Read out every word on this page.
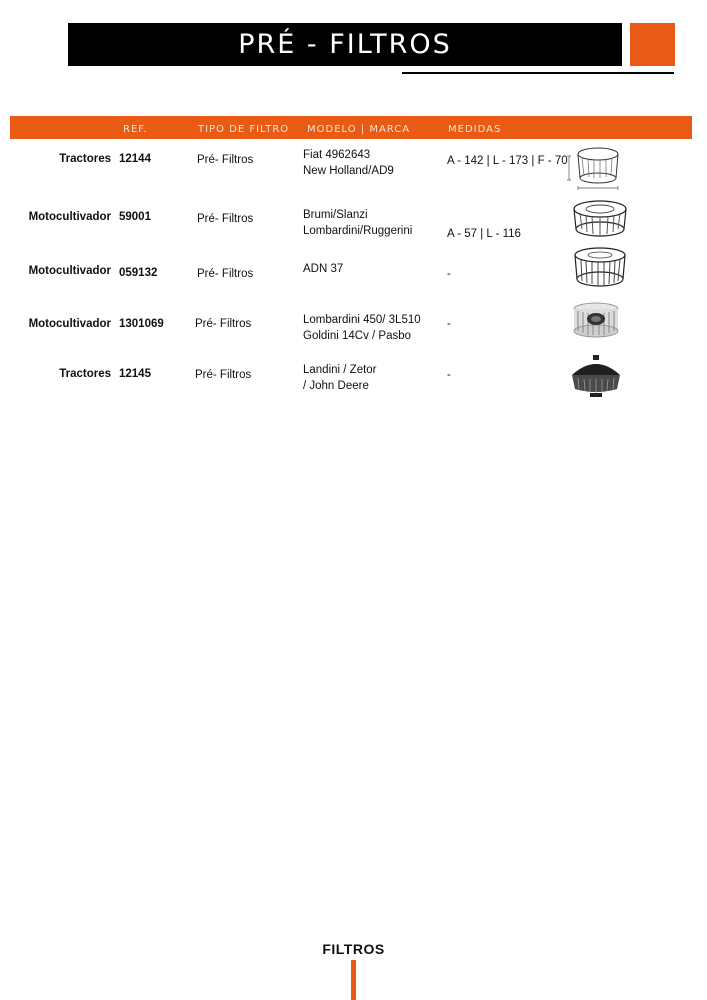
PRÉ - FILTROS
REF.	TIPO DE FILTRO MODELO | MARCA	MEDIDAS
Tractores 12144	Pré- Filtros	Fiat 4962643
New Holland/AD9
A - 142 | L - 173 | F - 70
Motocultivador 59001	Pré- Filtros	Brumi/Slanzi
Lombardini/Ruggerini	A - 57 | L - 116
Motocultivador 059132	Pré- Filtros	ADN 37	-
Motocultivador 1301069	Pré- Filtros	Lombardini 450/ 3L510
Goldini 14Cv / Pasbo
-
Tractores 12145	Pré- Filtros	Landini / Zetor
/ John Deere
-
FILTROS
